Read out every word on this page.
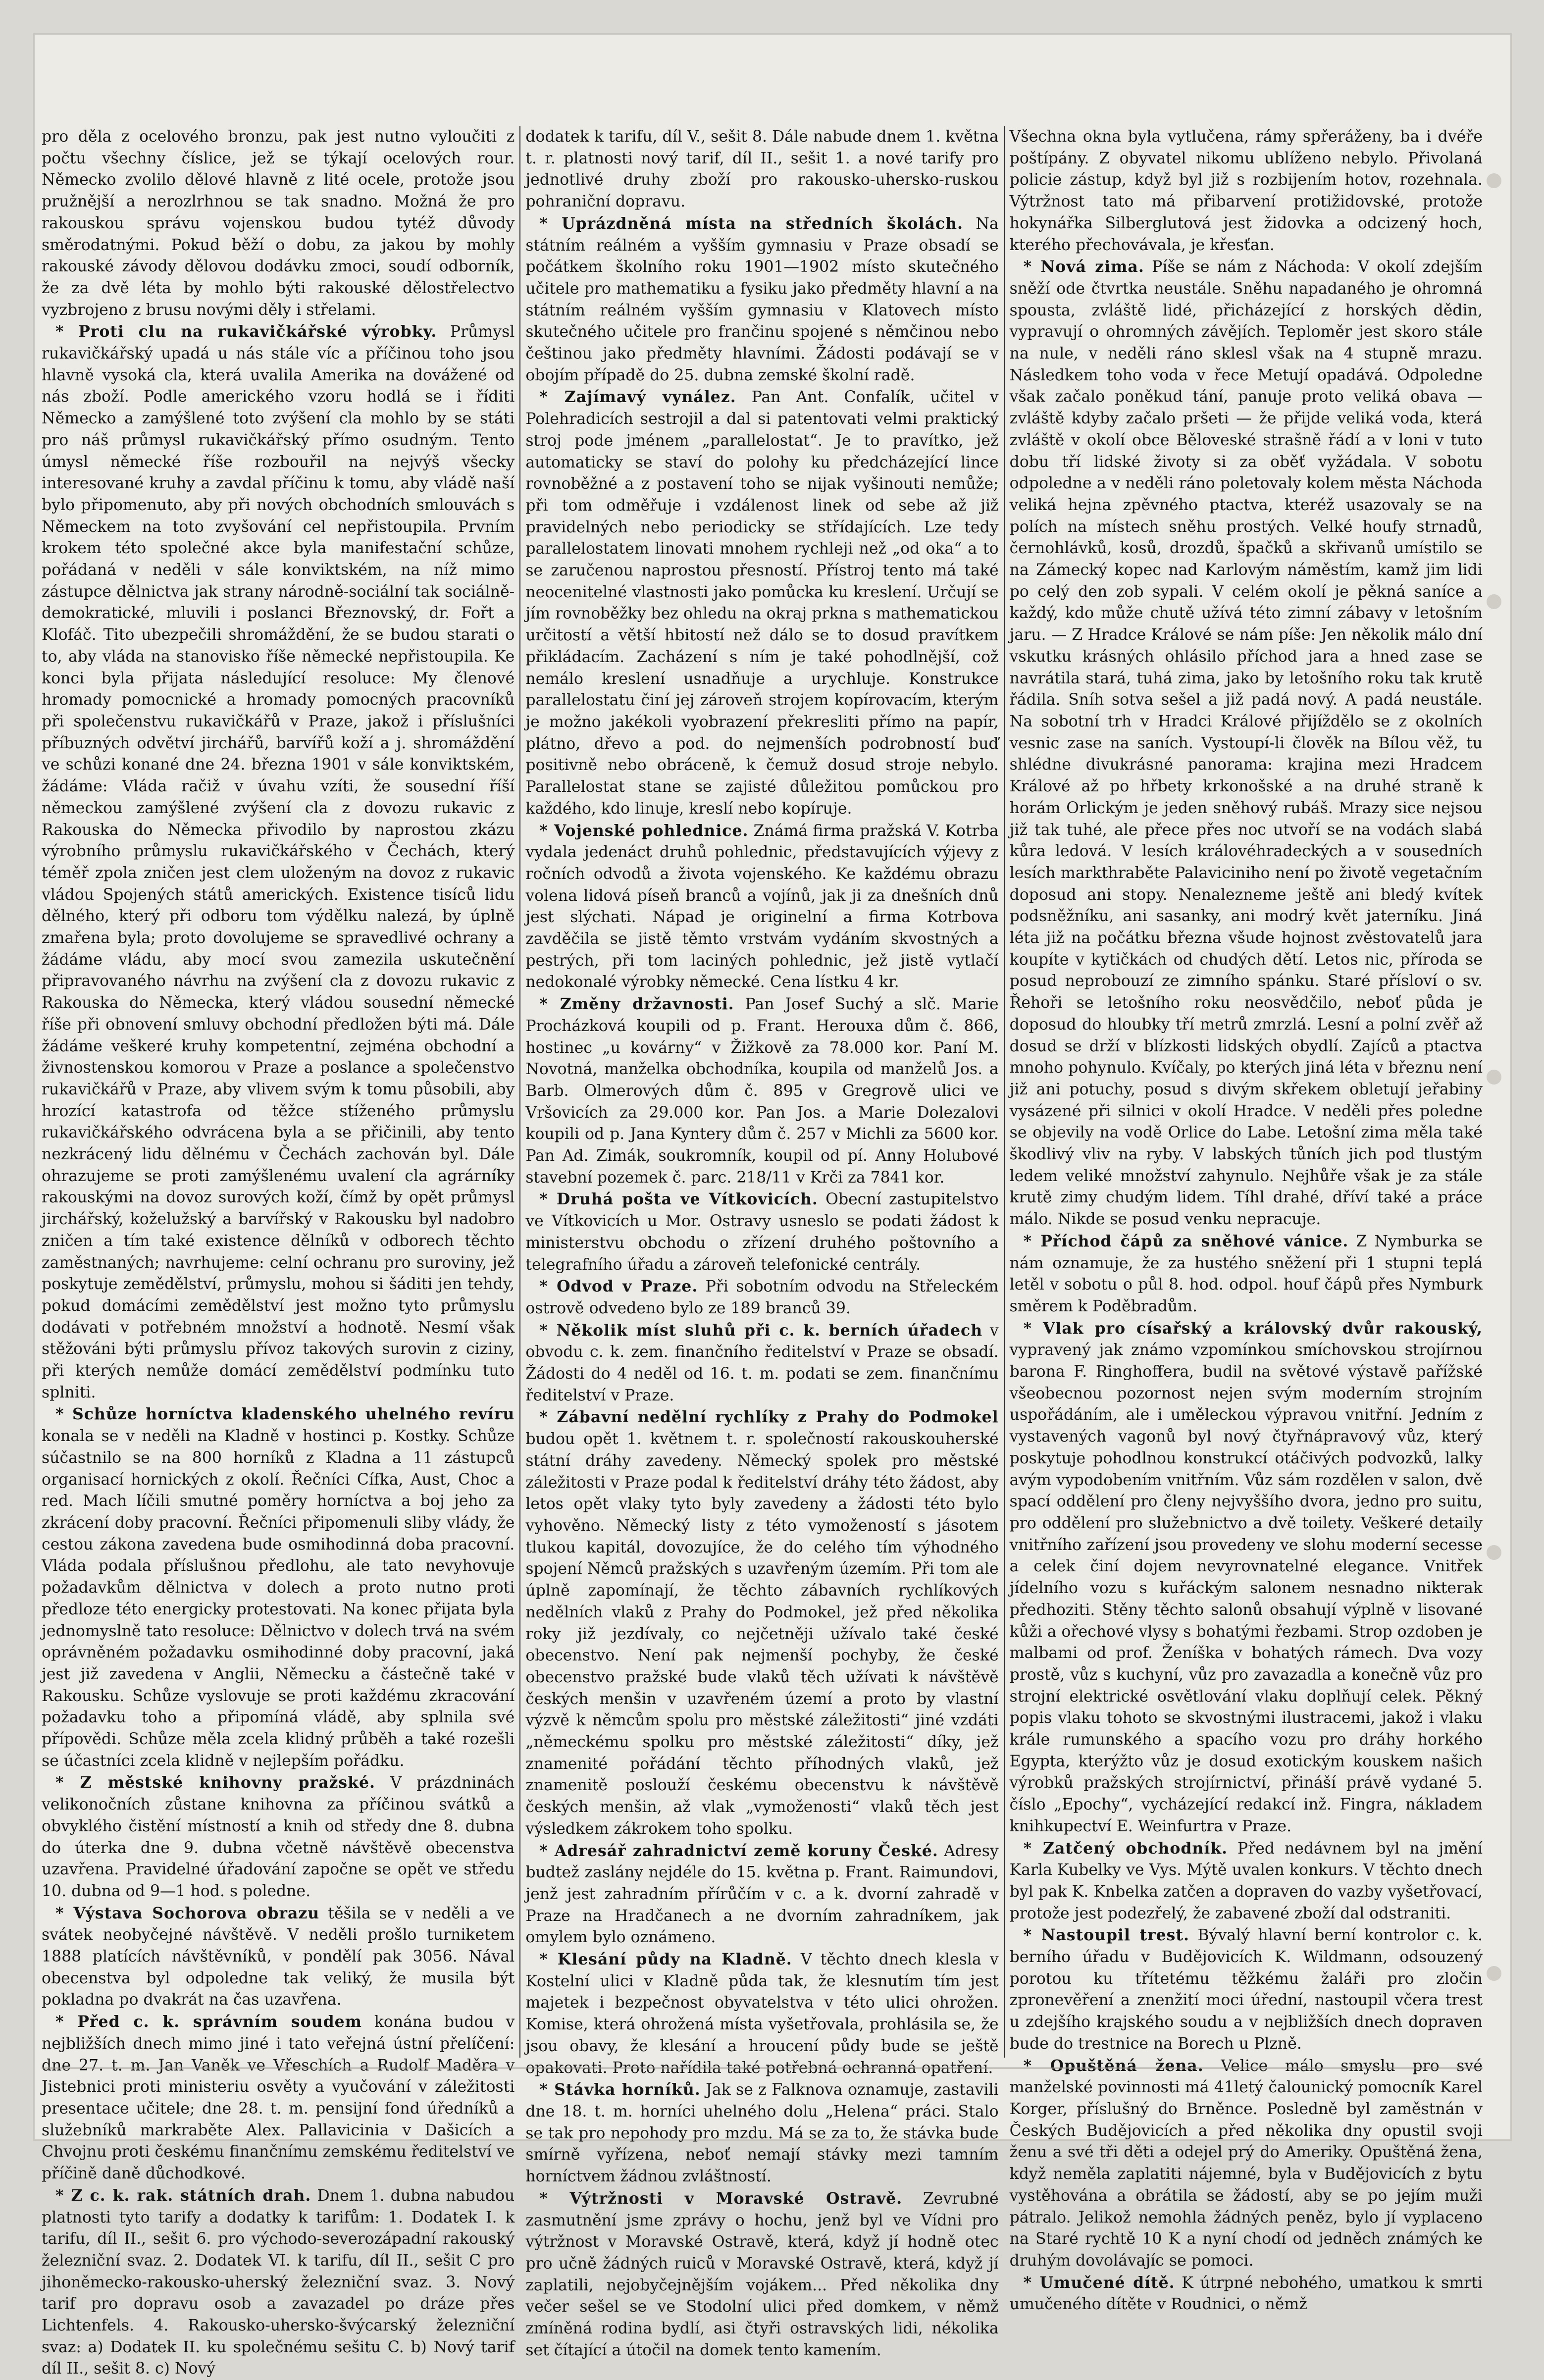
pro děla z ocelového bronzu, pak jest nutno vyloučiti z počtu všechny číslice, jež se týkají ocelových rour. Německo zvolilo dělové hlavně z lité ocele, protože jsou pružnější a nerozlrhnou se tak snadno. Možná že pro rakouskou správu vojenskou budou tytéž důvody směrodatnými. Pokud běží o dobu, za jakou by mohly rakouské závody dělovou dodávku zmoci, soudí odborník, že za dvě léta by mohlo býti rakouské dělostřelectvo vyzbrojeno z brusu novými děly i střelami.

* Proti clu na rukavičkářské výrobky. Průmysl rukavičkářský upadá u nás stále víc a příčinou toho jsou hlavně vysoká cla, která uvalila Amerika na dovážené od nás zboží. Podle amerického vzoru hodlá se i říditi Německo a zamýšlené toto zvýšení cla mohlo by se státi pro náš průmysl rukavičkářský přímo osudným. Tento úmysl německé říše rozbouřil na nejvýš všecky interesované kruhy a zavdal příčinu k tomu, aby vládě naší bylo připomenuto, aby při nových obchodních smlouvách s Německem na toto zvyšování cel nepřistoupila. Prvním krokem této společné akce byla manifestační schůze, pořádaná v neděli v sále konviktském, na níž mimo zástupce dělnictva jak strany národně-sociální tak sociálně-demokratické, mluvili i poslanci Březnovský, dr. Fořt a Klofáč. Tito ubezpečili shromáždění, že se budou starati o to, aby vláda na stanovisko říše německé nepřistoupila. Ke konci byla přijata následující resoluce: My členové hromady pomocnické a hromady pomocných pracovníků při společenstvu rukavičkářů v Praze, jakož i příslušníci příbuzných odvětví jirchářů, barvířů koží a j. shromáždění ve schůzi konané dne 24. března 1901 v sále konviktském, žádáme: Vláda račiž v úvahu vzíti, že sousední říší německou zamýšlené zvýšení cla z dovozu rukavic z Rakouska do Německa přivodilo by naprostou zkázu výrobního průmyslu rukavičkářského v Čechách, který téměř zpola zničen jest clem uloženým na dovoz z rukavic vládou Spojených států amerických. Existence tisíců lidu dělného, který při odboru tom výdělku nalezá, by úplně zmařena byla; proto dovolujeme se spravedlivé ochrany a žádáme vládu, aby mocí svou zamezila uskutečnění připravovaného návrhu na zvýšení cla z dovozu rukavic z Rakouska do Německa, který vládou sousední německé říše při obnovení smluvy obchodní předložen býti má. Dále žádáme veškeré kruhy kompetentní, zejména obchodní a živnostenskou komorou v Praze a poslance a společenstvo rukavičkářů v Praze, aby vlivem svým k tomu působili, aby hrozící katastrofa od těžce stíženého průmyslu rukavičkářského odvrácena byla a se přičinili, aby tento nezkrácený lidu dělnému v Čechách zachován byl. Dále ohrazujeme se proti zamýšlenému uvalení cla agrárníky rakouskými na dovoz surových koží, čímž by opět průmysl jirchářský, koželužský a barvířský v Rakousku byl nadobro zničen a tím také existence dělníků v odborech těchto zaměstnaných; navrhujeme: celní ochranu pro suroviny, jež poskytuje zemědělství, průmyslu, mohou si šáditi jen tehdy, pokud domácími zemědělství jest možno tyto průmyslu dodávati v potřebném množství a hodnotě. Nesmí však stěžováni býti průmyslu přívoz takových surovin z ciziny, při kterých nemůže domácí zemědělství podmínku tuto splniti.

* Schůze horníctva kladenského uhelného revíru konala se v neděli na Kladně v hostinci p. Kostky. Schůze súčastnilo se na 800 horníků z Kladna a 11 zástupců organisací hornických z okolí. Řečníci Cífka, Aust, Choc a red. Mach líčili smutné poměry horníctva a boj jeho za zkrácení doby pracovní. Řečníci připomenuli sliby vlády, že cestou zákona zavedena bude osmihodinná doba pracovní. Vláda podala příslušnou předlohu, ale tato nevyhovuje požadavkům dělnictva v dolech a proto nutno proti předloze této energicky protestovati. Na konec přijata byla jednomyslně tato resoluce: Dělnictvo v dolech trvá na svém oprávněném požadavku osmihodinné doby pracovní, jaká jest již zavedena v Anglii, Německu a částečně také v Rakousku. Schůze vyslovuje se proti každému zkracování požadavku toho a připomíná vládě, aby splnila své přípovědi. Schůze měla zcela klidný průběh a také rozešli se účastníci zcela klidně v nejlepším pořádku.

* Z městské knihovny pražské. V prázdninách velikonočních zůstane knihovna za příčinou svátků a obvyklého čistění místností a knih od středy dne 8. dubna do úterka dne 9. dubna včetně návštěvě obecenstva uzavřena. Pravidelné úřadování započne se opět ve středu 10. dubna od 9—1 hod. s poledne.

* Výstava Sochorova obrazu těšila se v neděli a ve svátek neobyčejné návštěvě. V neděli prošlo turniketem 1888 platících návštěvníků, v pondělí pak 3056. Nával obecenstva byl odpoledne tak veliký, že musila být pokladna po dvakrát na čas uzavřena.

* Před c. k. správním soudem konána budou v nejbližších dnech mimo jiné i tato veřejná ústní přelíčení: dne 27. t. m. Jan Vaněk ve Vřeschích a Rudolf Maděra v Jistebnici proti ministeriu osvěty a vyučování v záležitosti presentace učitele; dne 28. t. m. pensijní fond úředníků a služebníků markraběte Alex. Pallavicinia v Dašicích a Chvojnu proti českému finančnímu zemskému ředitelství ve příčině daně důchodkové.

* Z c. k. rak. státních drah. Dnem 1. dubna nabudou platnosti tyto tarify a dodatky k tarifům: 1. Dodatek I. k tarifu, díl II., sešit 6. pro východo-severozápadní rakouský železniční svaz. 2. Dodatek VI. k tarifu, díl II., sešit C pro jihoněmecko-rakousko-uherský železniční svaz. 3. Nový tarif pro dopravu osob a zavazadel po dráze přes Lichtenfels. 4. Rakousko-uhersko-švýcarský železniční svaz: a) Dodatek II. ku společnému sešitu C. b) Nový tarif díl II., sešit 8. c) Nový

dodatek k tarifu, díl V., sešit 8. Dále nabude dnem 1. května t. r. platnosti nový tarif, díl II., sešit 1. a nové tarify pro jednotlivé druhy zboží pro rakousko-uhersko-ruskou pohraniční dopravu.

* Uprázdněná místa na středních školách. Na státním reálném a vyšším gymnasiu v Praze obsadí se počátkem školního roku 1901—1902 místo skutečného učitele pro mathematiku a fysiku jako předměty hlavní a na státním reálném vyšším gymnasiu v Klatovech místo skutečného učitele pro frančinu spojené s němčinou nebo češtinou jako předměty hlavními. Žádosti podávají se v obojím případě do 25. dubna zemské školní radě.

* Zajímavý vynález. Pan Ant. Confalík, učitel v Polehradicích sestrojil a dal si patentovati velmi praktický stroj pode jménem „parallelostat“. Je to pravítko, jež automaticky se staví do polohy ku předcházející lince rovnoběžné a z postavení toho se nijak vyšinouti nemůže; při tom odměřuje i vzdálenost linek od sebe až již pravidelných nebo periodicky se střídajících. Lze tedy parallelostatem linovati mnohem rychleji než „od oka“ a to se zaručenou naprostou přesností. Přístroj tento má také neocenitelné vlastnosti jako pomůcka ku kreslení. Určují se jím rovnoběžky bez ohledu na okraj prkna s mathematickou určitostí a větší hbitostí než dálo se to dosud pravítkem přikládacím. Zacházení s ním je také pohodlnější, což nemálo kreslení usnadňuje a urychluje. Konstrukce parallelostatu činí jej zároveň strojem kopírovacím, kterým je možno jakékoli vyobrazení překresliti přímo na papír, plátno, dřevo a pod. do nejmenších podrobností buď positivně nebo obráceně, k čemuž dosud stroje nebylo. Parallelostat stane se zajisté důležitou pomůckou pro každého, kdo linuje, kreslí nebo kopíruje.

* Vojenské pohlednice. Známá firma pražská V. Kotrba vydala jedenáct druhů pohlednic, představujících výjevy z ročních odvodů a života vojenského. Ke každému obrazu volena lidová píseň branců a vojínů, jak ji za dnešních dnů jest slýchati. Nápad je originelní a firma Kotrbova zavděčila se jistě těmto vrstvám vydáním skvostných a pestrých, při tom laciných pohlednic, jež jistě vytlačí nedokonalé výrobky německé. Cena lístku 4 kr.

* Změny državnosti. Pan Josef Suchý a slč. Marie Procházková koupili od p. Frant. Herouxa dům č. 866, hostinec „u kovárny“ v Žižkově za 78.000 kor. Paní M. Novotná, manželka obchodníka, koupila od manželů Jos. a Barb. Olmerových dům č. 895 v Gregrově ulici ve Vršovicích za 29.000 kor. Pan Jos. a Marie Dolezalovi koupili od p. Jana Kyntery dům č. 257 v Michli za 5600 kor. Pan Ad. Zimák, soukromník, koupil od pí. Anny Holubové stavební pozemek č. parc. 218/11 v Krči za 7841 kor.

* Druhá pošta ve Vítkovicích. Obecní zastupitelstvo ve Vítkovicích u Mor. Ostravy usneslo se podati žádost k ministerstvu obchodu o zřízení druhého poštovního a telegrafního úřadu a zároveň telefonické centrály.

* Odvod v Praze. Při sobotním odvodu na Střeleckém ostrově odvedeno bylo ze 189 branců 39.

* Několik míst sluhů při c. k. berních úřadech v obvodu c. k. zem. finančního ředitelství v Praze se obsadí. Žádosti do 4 neděl od 16. t. m. podati se zem. finančnímu ředitelství v Praze.

* Zábavní nedělní rychlíky z Prahy do Podmokel budou opět 1. květnem t. r. společností rakouskouherské státní dráhy zavedeny. Německý spolek pro městské záležitosti v Praze podal k ředitelství dráhy této žádost, aby letos opět vlaky tyto byly zavedeny a žádosti této bylo vyhověno. Německý listy z této vymožeností s jásotem tlukou kapitál, dovozujíce, že do celého tím výhodného spojení Němců pražských s uzavřeným územím. Při tom ale úplně zapomínají, že těchto zábavních rychlíkových nedělních vlaků z Prahy do Podmokel, jež před několika roky již jezdívaly, co nejčetněji užívalo také české obecenstvo. Není pak nejmenší pochyby, že české obecenstvo pražské bude vlaků těch užívati k návštěvě českých menšin v uzavřeném území a proto by vlastní výzvě k němcům spolu pro městské záležitosti“ jiné vzdáti „německému spolku pro městské záležitosti“ díky, jež znamenité pořádání těchto příhodných vlaků, jež znamenitě poslouží českému obecenstvu k návštěvě českých menšin, až vlak „vymoženosti“ vlaků těch jest výsledkem zákrokem toho spolku.

* Adresář zahradnictví země koruny České. Adresy budtež zaslány nejdéle do 15. května p. Frant. Raimundovi, jenž jest zahradním přírůčím v c. a k. dvorní zahradě v Praze na Hradčanech a ne dvorním zahradníkem, jak omylem bylo oznámeno.

* Klesání půdy na Kladně. V těchto dnech klesla v Kostelní ulici v Kladně půda tak, že klesnutím tím jest majetek i bezpečnost obyvatelstva v této ulici ohrožen. Komise, která ohrožená místa vyšetřovala, prohlásila se, že jsou obavy, že klesání a hroucení půdy bude se ještě opakovati. Proto nařídila také potřebná ochranná opatření.

* Stávka horníků. Jak se z Falknova oznamuje, zastavili dne 18. t. m. horníci uhelného dolu „Helena“ práci. Stalo se tak pro nepohody pro mzdu. Má se za to, že stávka bude smírně vyřízena, neboť nemají stávky mezi tamním horníctvem žádnou zvláštností.

* Výtržnosti v Moravské Ostravě. Zevrubné zasmutnění jsme zprávy o hochu, jenž byl ve Vídni pro výtržnost v Moravské Ostravě, která, když jí hodně otec pro učně žádných ruiců v Moravské Ostravě, která, když jí zaplatili, nejobyčejnějším vojákem... Před několika dny večer sešel se ve Stodolní ulici před domkem, v němž zmíněná rodina bydlí, asi čtyři ostravských lidi, nékolika set čítající a útočil na domek tento kamením.

Všechna okna byla vytlučena, rámy spřeráženy, ba i dvéře poštípány. Z obyvatel nikomu ublíženo nebylo. Přivolaná policie zástup, když byl již s rozbijením hotov, rozehnala. Výtržnost tato má přibarvení protižidovské, protože hokynářka Silberglutová jest židovka a odcizený hoch, kterého přechovávala, je křesťan.

* Nová zima. Píše se nám z Náchoda: V okolí zdejším sněží ode čtvrtka neustále. Sněhu napadaného je ohromná spousta, zvláště lidé, přicházející z horských dědin, vypravují o ohromných závějích. Teploměr jest skoro stále na nule, v neděli ráno sklesl však na 4 stupně mrazu. Následkem toho voda v řece Metují opadává. Odpoledne však začalo poněkud tání, panuje proto veliká obava — zvláště kdyby začalo pršeti — že přijde veliká voda, která zvláště v okolí obce Běloveské strašně řádí a v loni v tuto dobu tří lidské životy si za oběť vyžádala. V sobotu odpoledne a v neděli ráno poletovaly kolem města Náchoda veliká hejna zpěvného ptactva, kteréž usazovaly se na polích na místech sněhu prostých. Velké houfy strnadů, černohlávků, kosů, drozdů, špačků a skřivanů umístilo se na Zámecký kopec nad Karlovým náměstím, kamž jim lidi po celý den zob sypali. V celém okolí je pěkná saníce a každý, kdo může chutě užívá této zimní zábavy v letošním jaru. — Z Hradce Králové se nám píše: Jen několik málo dní vskutku krásných ohlásilo příchod jara a hned zase se navrátila stará, tuhá zima, jako by letošního roku tak krutě řádila. Sníh sotva sešel a již padá nový. A padá neustále. Na sobotní trh v Hradci Králové přijíždělo se z okolních vesnic zase na saních. Vystoupí-li člověk na Bílou věž, tu shlédne divukrásné panorama: krajina mezi Hradcem Králové až po hřbety krkonošské a na druhé straně k horám Orlickým je jeden sněhový rubáš. Mrazy sice nejsou již tak tuhé, ale přece přes noc utvoří se na vodách slabá kůra ledová. V lesích královéhradeckých a v sousedních lesích markthraběte Palaviciniho není po životě vegetačním doposud ani stopy. Nenalezneme ještě ani bledý kvítek podsněžníku, ani sasanky, ani modrý květ jaterníku. Jiná léta již na počátku března všude hojnost zvěstovatelů jara koupíte v kytičkách od chudých dětí. Letos nic, příroda se posud neprobouzí ze zimního spánku. Staré přísloví o sv. Řehoři se letošního roku neosvědčilo, neboť půda je doposud do hloubky tří metrů zmrzlá. Lesní a polní zvěř až dosud se drží v blízkosti lidských obydlí. Zajíců a ptactva mnoho pohynulo. Kvíčaly, po kterých jiná léta v březnu není již ani potuchy, posud s divým skřekem obletují jeřabiny vysázené při silnici v okolí Hradce. V neděli přes poledne se objevily na vodě Orlice do Labe. Letošní zima měla také škodlivý vliv na ryby. V labských tůních jich pod tlustým ledem veliké množství zahynulo. Nejhůře však je za stále krutě zimy chudým lidem. Tíhl drahé, dříví také a práce málo. Nikde se posud venku nepracuje.

* Příchod čápů za sněhové vánice. Z Nymburka se nám oznamuje, že za hustého sněžení při 1 stupni teplá letěl v sobotu o půl 8. hod. odpol. houf čápů přes Nymburk směrem k Poděbradům.

* Vlak pro císařský a královský dvůr rakouský, vypravený jak známo vzpomínkou smíchovskou strojírnou barona F. Ringhoffera, budil na světové výstavě pařížské všeobecnou pozornost nejen svým moderním strojním uspořádáním, ale i uměleckou výpravou vnitřní. Jedním z vystavených vagonů byl nový čtyřnápravový vůz, který poskytuje pohodlnou konstrukcí otáčivých podvozků, lalky avým vypodobením vnitřním. Vůz sám rozdělen v salon, dvě spací oddělení pro členy nejvyššího dvora, jedno pro suitu, pro oddělení pro služebnictvo a dvě toilety. Veškeré detaily vnitřního zařízení jsou provedeny ve slohu moderní secesse a celek činí dojem nevyrovnatelné elegance. Vnitřek jídelního vozu s kuřáckým salonem nesnadno nikterak předhoziti. Stěny těchto salonů obsahují výplně v lisované kůži a ořechové vlysy s bohatými řezbami. Strop ozdoben je malbami od prof. Ženíška v bohatých rámech. Dva vozy prostě, vůz s kuchyní, vůz pro zavazadla a konečně vůz pro strojní elektrické osvětlování vlaku doplňují celek. Pěkný popis vlaku tohoto se skvostnými ilustracemi, jakož i vlaku krále rumunského a spacího vozu pro dráhy horkého Egypta, kterýžto vůz je dosud exotickým kouskem našich výrobků pražských strojírnictví, přináší právě vydané 5. číslo „Epochy“, vycházející redakcí inž. Fingra, nákladem knihkupectví E. Weinfurtra v Praze.

* Zatčený obchodník. Před nedávnem byl na jmění Karla Kubelky ve Vys. Mýtě uvalen konkurs. V těchto dnech byl pak K. Knbelka zatčen a dopraven do vazby vyšetřovací, protože jest podezřelý, že zabavené zboží dal odstraniti.

* Nastoupil trest. Bývalý hlavní berní kontrolor c. k. berního úřadu v Budějovicích K. Wildmann, odsouzený porotou ku třítetému těžkému žaláři pro zločin zpronevěření a znenžití moci úřední, nastoupil včera trest u zdejšího krajského soudu a v nejbližších dnech dopraven bude do trestnice na Borech u Plzně.

* Opuštěná žena. Velice málo smyslu pro své manželské povinnosti má 41letý čalounický pomocník Karel Korger, příslušný do Brněnce. Posledně byl zaměstnán v Českých Budějovicích a před několika dny opustil svoji ženu a své tři děti a odejel prý do Ameriky. Opuštěná žena, když neměla zaplatiti nájemné, byla v Budějovicích z bytu vystěhována a obrátila se žádostí, aby se po jejím muži pátralo. Jelikož nemohla žádných peněz, bylo jí vyplaceno na Staré rychtě 10 K a nyní chodí od jedněch známých ke druhým dovolávajíc se pomoci.

* Umučené dítě. K útrpné nebohého, umatkou k smrti umučeného dítěte v Roudnici, o němž
